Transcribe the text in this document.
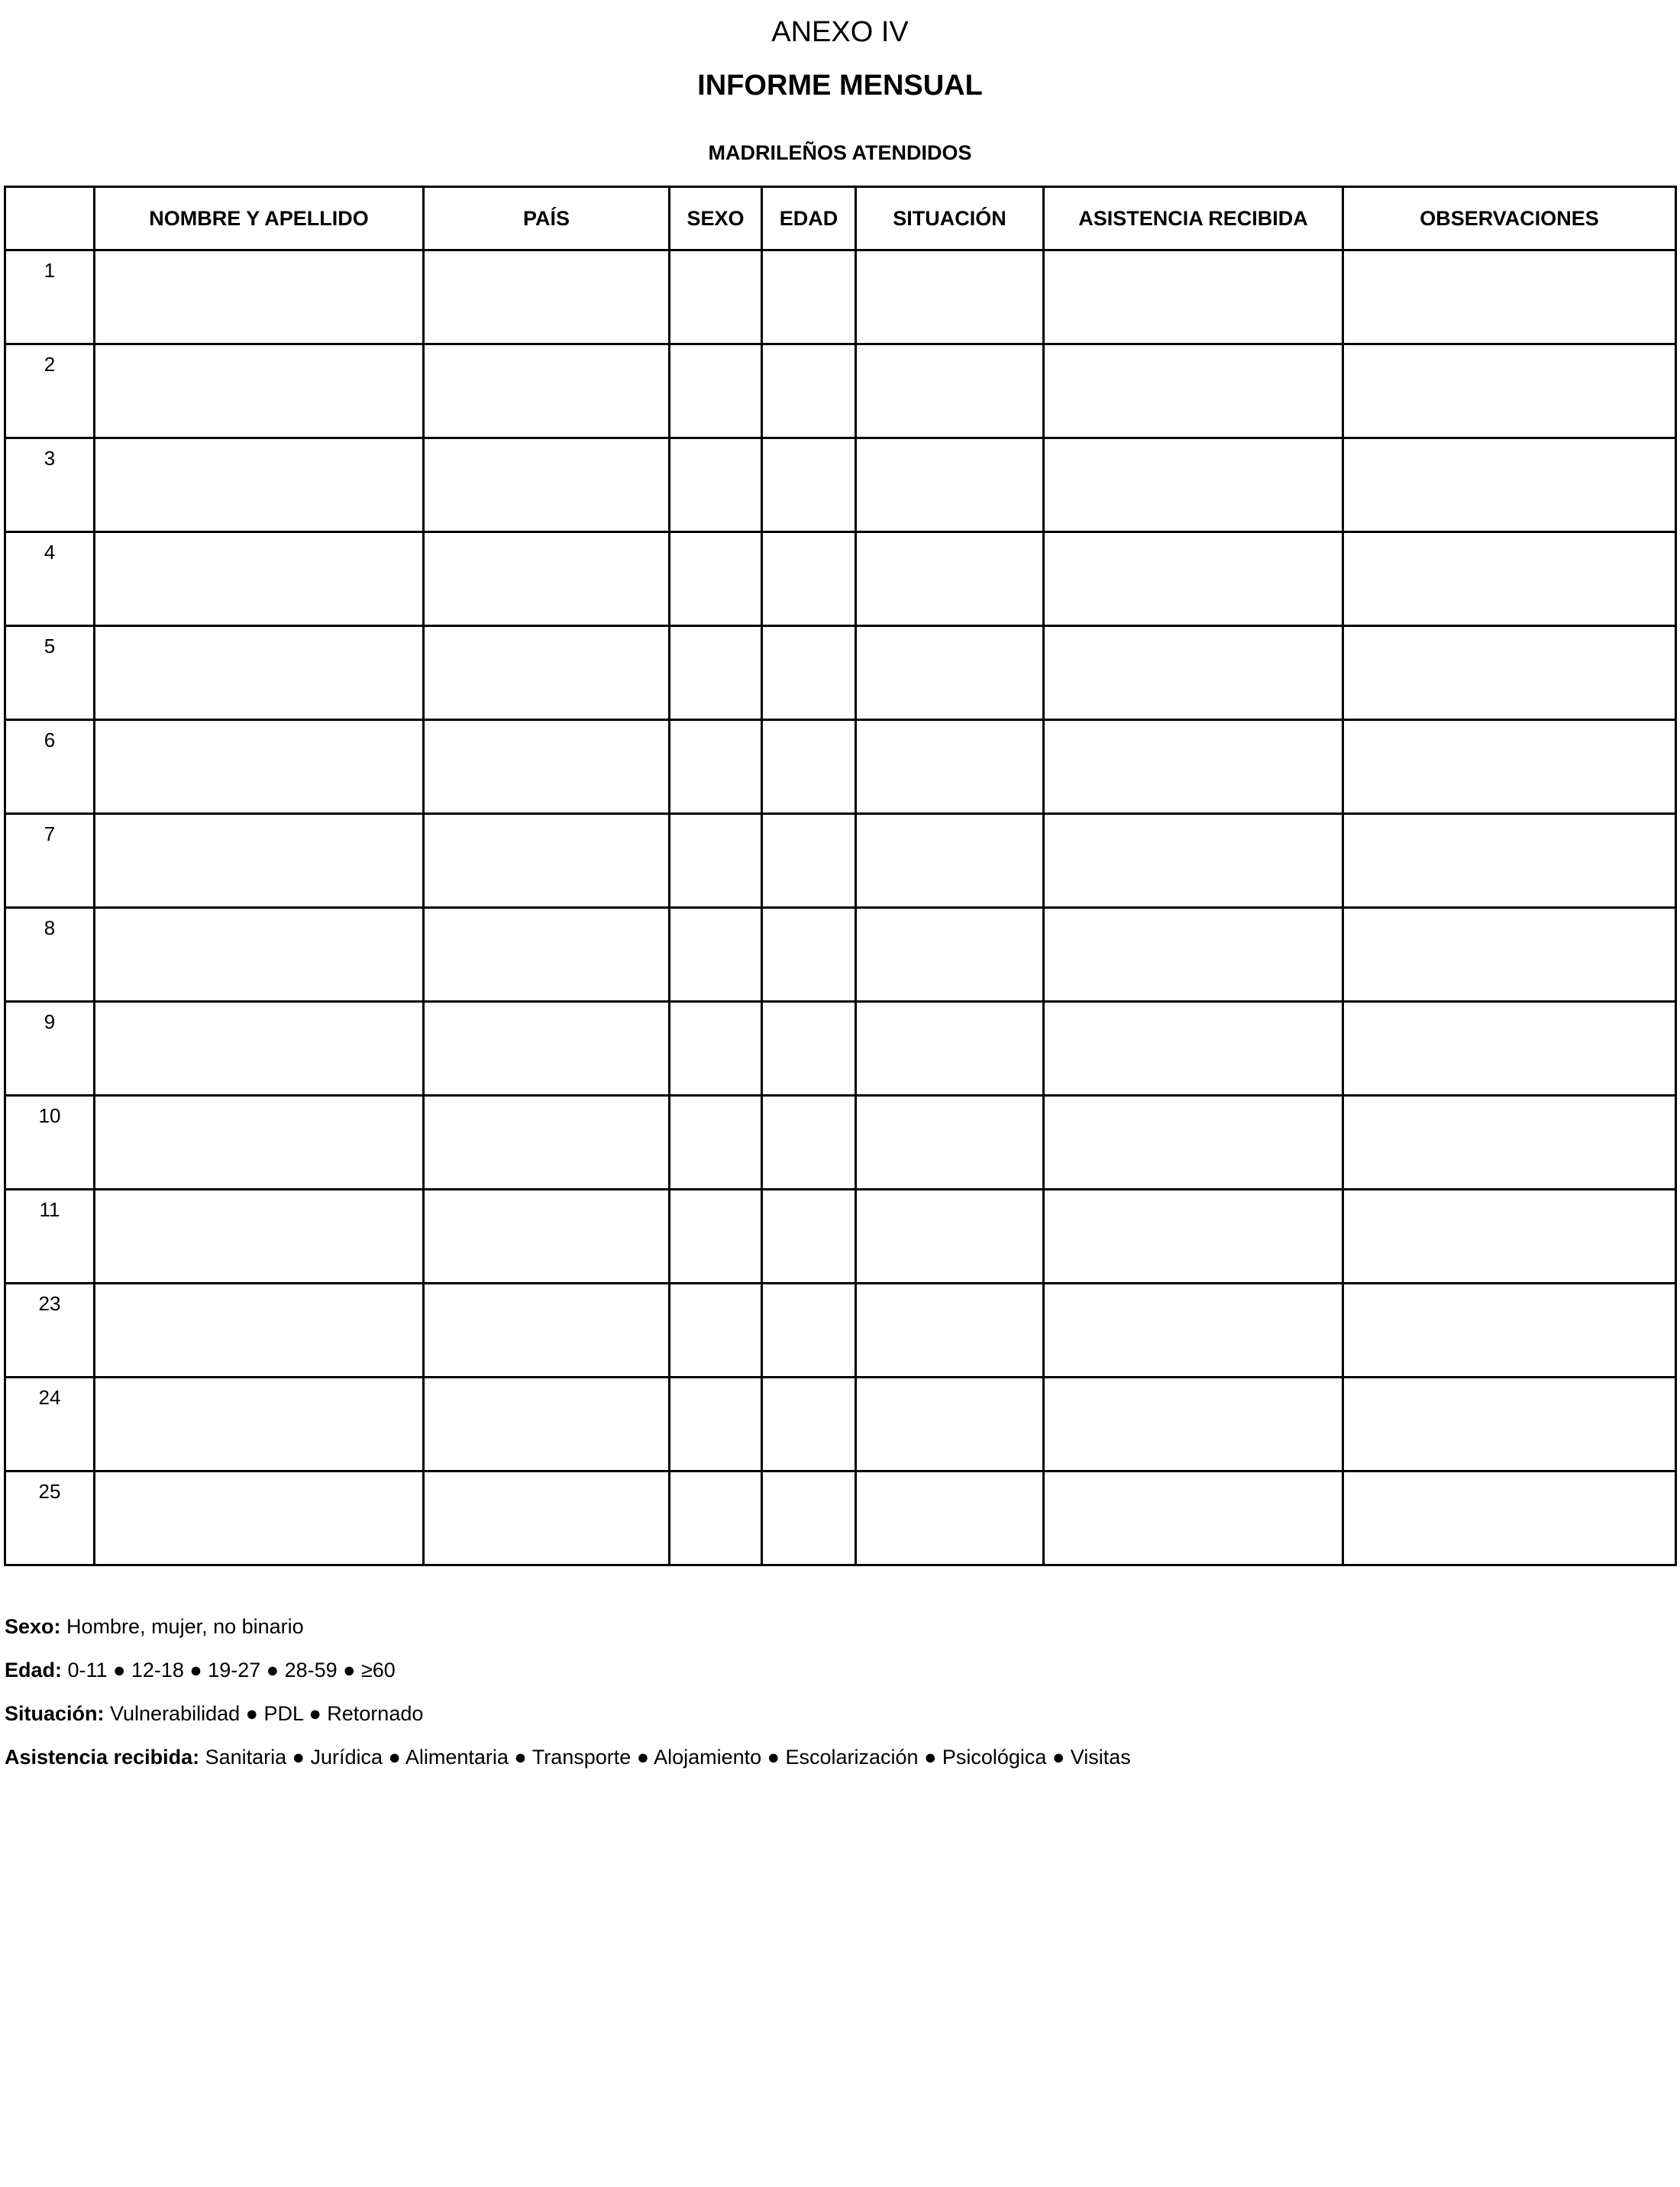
ANEXO IV
INFORME MENSUAL
MADRILEÑOS ATENDIDOS
	NOMBRE Y APELLIDO	PAÍS	SEXO	EDAD	SITUACIÓN	ASISTENCIA RECIBIDA	OBSERVACIONES
1							
2							
3							
4							
5							
6							
7							
8							
9							
10							
11							
23							
24							
25							
Sexo: Hombre, mujer, no binario
Edad: 0-11 ● 12-18 ● 19-27 ● 28-59 ● ≥60
Situación: Vulnerabilidad ● PDL ● Retornado
Asistencia recibida: Sanitaria ● Jurídica ● Alimentaria ● Transporte ● Alojamiento ● Escolarización ● Psicológica ● Visitas
